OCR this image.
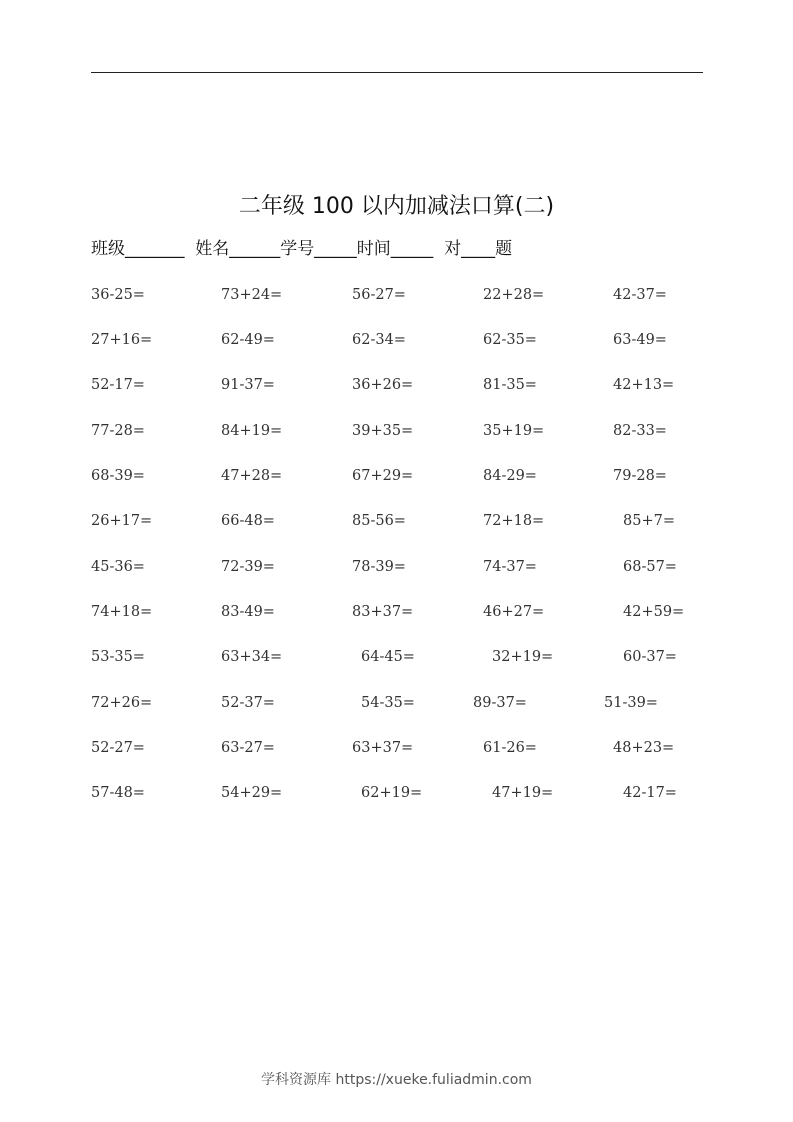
二年级 100 以内加减法口算(二)
班级_______  姓名______学号_____时间_____  对____题
36-25=	73+24=	56-27=	22+28=	42-37=
27+16=	62-49=	62-34=	62-35=	63-49=
52-17=	91-37=	36+26=	81-35=	42+13=
77-28=	84+19=	39+35=	35+19=	82-33=
68-39=	47+28=	67+29=	84-29=	79-28=
26+17=	66-48=	85-56=	72+18=	85+7=
45-36=	72-39=	78-39=	74-37=	68-57=
74+18=	83-49=	83+37=	46+27=	42+59=
53-35=	63+34=	64-45=	32+19=	60-37=
72+26=	52-37=	54-35=	89-37=	51-39=
52-27=	63-27=	63+37=	61-26=	48+23=
57-48=	54+29=	62+19=	47+19=	42-17=
学科资源库 https://xueke.fuliadmin.com
